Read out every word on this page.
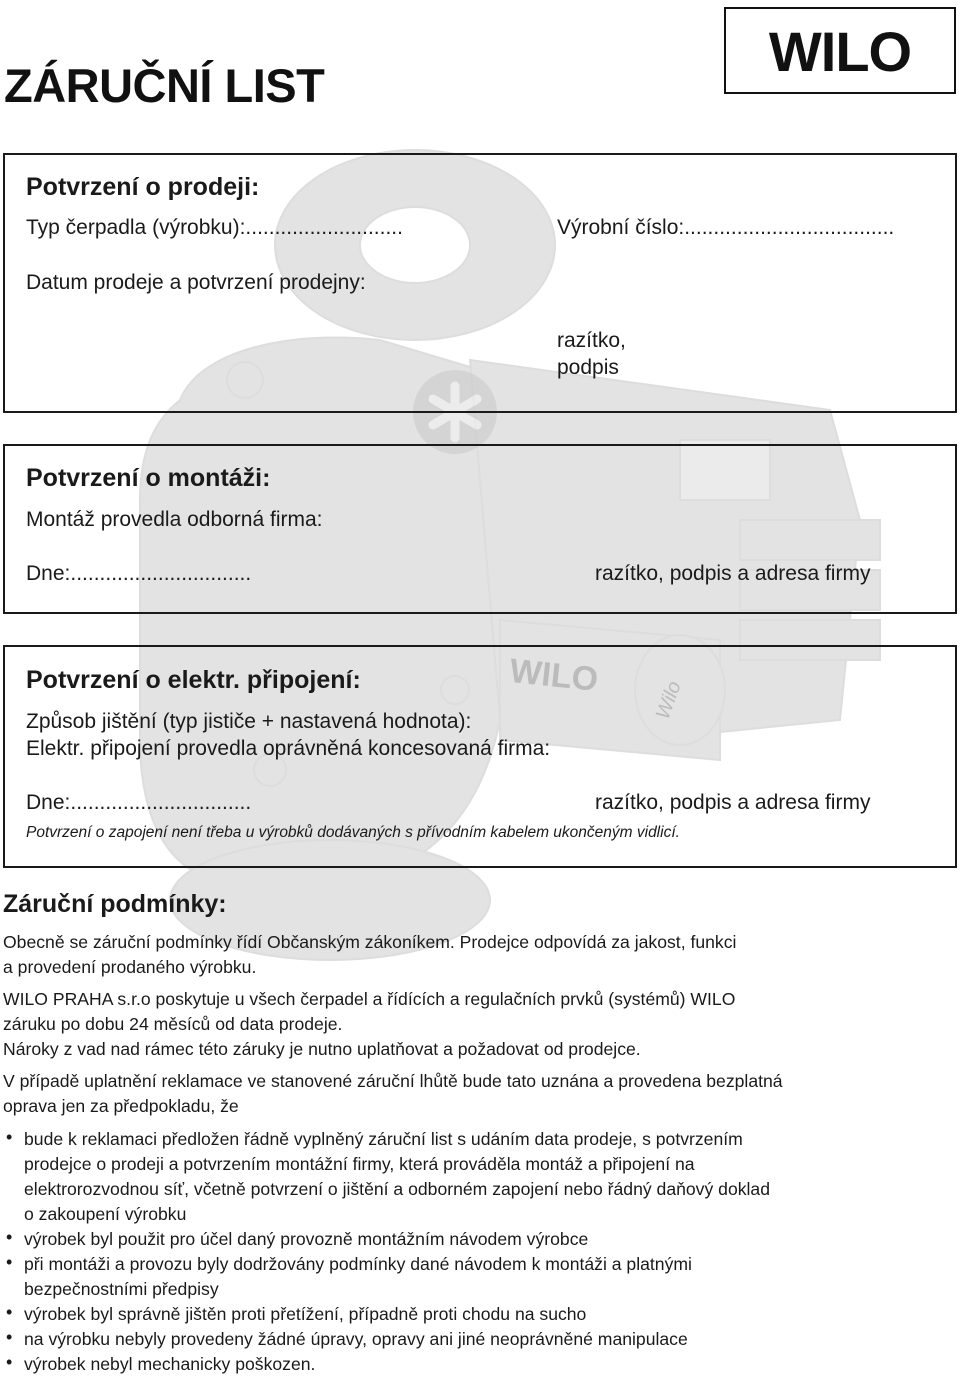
WILO
Wilo
ZÁRUČNÍ LIST
WILO
Potvrzení o prodeji:
Typ čerpadla (výrobku):...........................	Výrobní číslo:....................................
Datum prodeje a potvrzení prodejny:
razítko,
podpis
Potvrzení o montáži:
Montáž provedla odborná firma:
Dne:...............................	razítko, podpis a adresa firmy
Potvrzení o elektr. připojení:
Způsob jištění (typ jističe + nastavená hodnota):
Elektr. připojení provedla oprávněná koncesovaná firma:
Dne:...............................	razítko, podpis a adresa firmy
Potvrzení o zapojení není třeba u výrobků dodávaných s přívodním kabelem ukončeným vidlicí.
Záruční podmínky:
Obecně se záruční podmínky řídí Občanským zákoníkem. Prodejce odpovídá za jakost, funkci
a provedení prodaného výrobku.
WILO PRAHA s.r.o poskytuje u všech čerpadel a řídících a regulačních prvků (systémů) WILO
záruku po dobu 24 měsíců od data prodeje.
Nároky z vad nad rámec této záruky je nutno uplatňovat a požadovat od prodejce.
V případě uplatnění reklamace ve stanovené záruční lhůtě bude tato uznána a provedena bezplatná
oprava jen za předpokladu, že
• bude k reklamaci předložen řádně vyplněný záruční list s udáním data prodeje, s potvrzením
prodejce o prodeji a potvrzením montážní firmy, která prováděla montáž a připojení na
elektrorozvodnou síť, včetně potvrzení o jištění a odborném zapojení nebo řádný daňový doklad
o zakoupení výrobku
• výrobek byl použit pro účel daný provozně montážním návodem výrobce
• při montáži a provozu byly dodržovány podmínky dané návodem k montáži a platnými
bezpečnostními předpisy
• výrobek byl správně jištěn proti přetížení, případně proti chodu na sucho
• na výrobku nebyly provedeny žádné úpravy, opravy ani jiné neoprávněné manipulace
• výrobek nebyl mechanicky poškozen.
